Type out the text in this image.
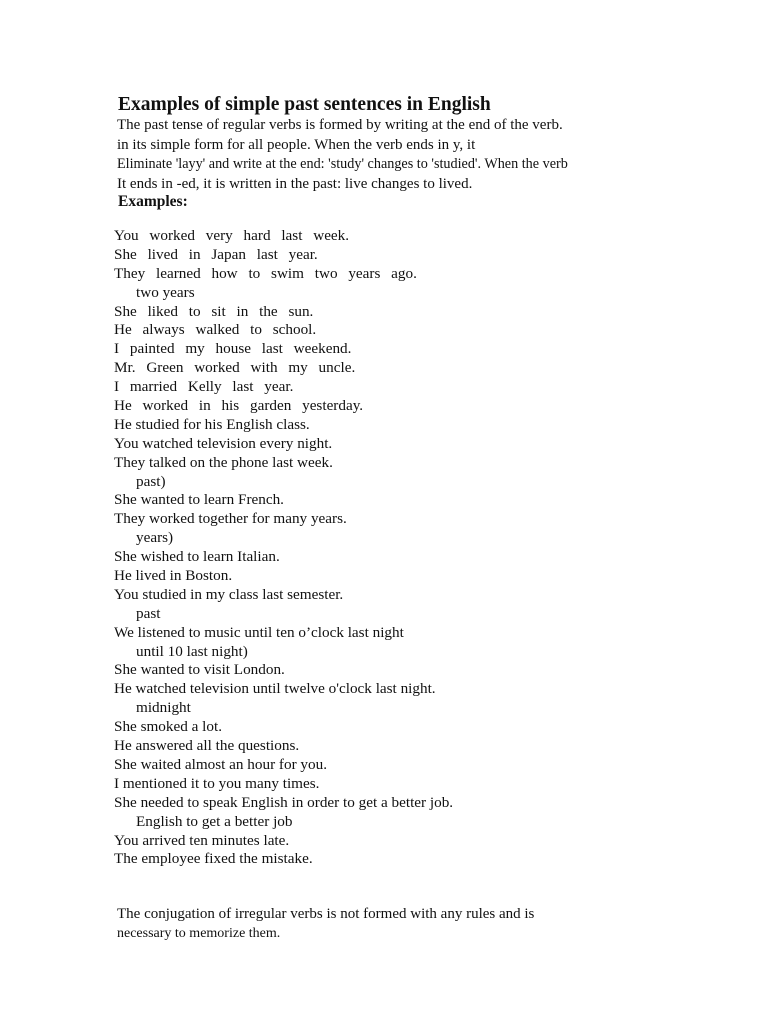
Examples of simple past sentences in English
The past tense of regular verbs is formed by writing at the end of the verb.
in its simple form for all people. When the verb ends in y, it
Eliminate 'layy' and write at the end: 'study' changes to 'studied'. When the verb
It ends in -ed, it is written in the past: live changes to lived.
Examples:
You worked very hard last week.
She lived in Japan last year.
They learned how to swim two years ago.
two years
She liked to sit in the sun.
He always walked to school.
I painted my house last weekend.
Mr. Green worked with my uncle.
I married Kelly last year.
He worked in his garden yesterday.
He studied for his English class.
You watched television every night.
They talked on the phone last week.
past)
She wanted to learn French.
They worked together for many years.
years)
She wished to learn Italian.
He lived in Boston.
You studied in my class last semester.
past
We listened to music until ten o’clock last night
until 10 last night)
She wanted to visit London.
He watched television until twelve o'clock last night.
midnight
She smoked a lot.
He answered all the questions.
She waited almost an hour for you.
I mentioned it to you many times.
She needed to speak English in order to get a better job.
English to get a better job
You arrived ten minutes late.
The employee fixed the mistake.
The conjugation of irregular verbs is not formed with any rules and is
necessary to memorize them.
